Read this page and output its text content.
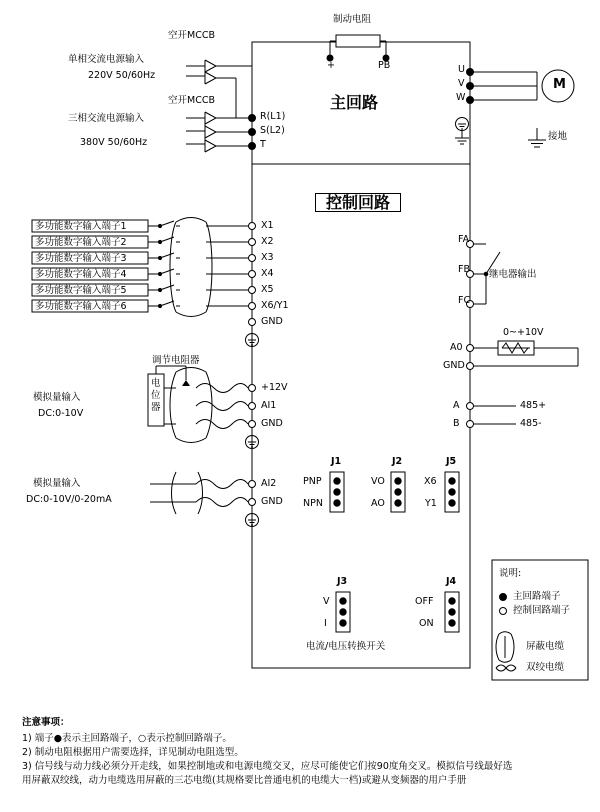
主回路
控制回路
制动电阻
+	PB
空开MCCB
单相交流电源输入
220V 50/60Hz
空开MCCB
三相交流电源输入
380V 50/60Hz
R(L1)
S(L2)
T
U
V
W
M
接地
多功能数字输入端子1
多功能数字输入端子2
多功能数字输入端子3
多功能数字输入端子4
多功能数字输入端子5
多功能数字输入端子6
X1
X2
X3
X4
X5
X6/Y1
GND
调节电阻器
电位器
模拟量输入
DC:0-10V
+12V
AI1
GND
模拟量输入
DC:0-10V/0-20mA
AI2
GND
FA
FB
FC
继电器输出
0~+10V
A0
GND
A
B
485+
485-
J1
PNP
NPN
J2
VO
AO
J5
X6
Y1
J3
V
I
J4
OFF
ON
电流/电压转换开关
说明:
主回路端子
控制回路端子
屏蔽电缆
双绞电缆
注意事项：
1) 端子●表示主回路端子，○表示控制回路端子。
2) 制动电阻根据用户需要选择，详见制动电阻选型。
3) 信号线与动力线必须分开走线，如果控制地或和电源电缆交叉，应尽可能使它们按90度角交叉。模拟信号线最好选
用屏蔽双绞线，动力电缆选用屏蔽的三芯电缆(其规格要比普通电机的电缆大一档)或避从变频器的用户手册
